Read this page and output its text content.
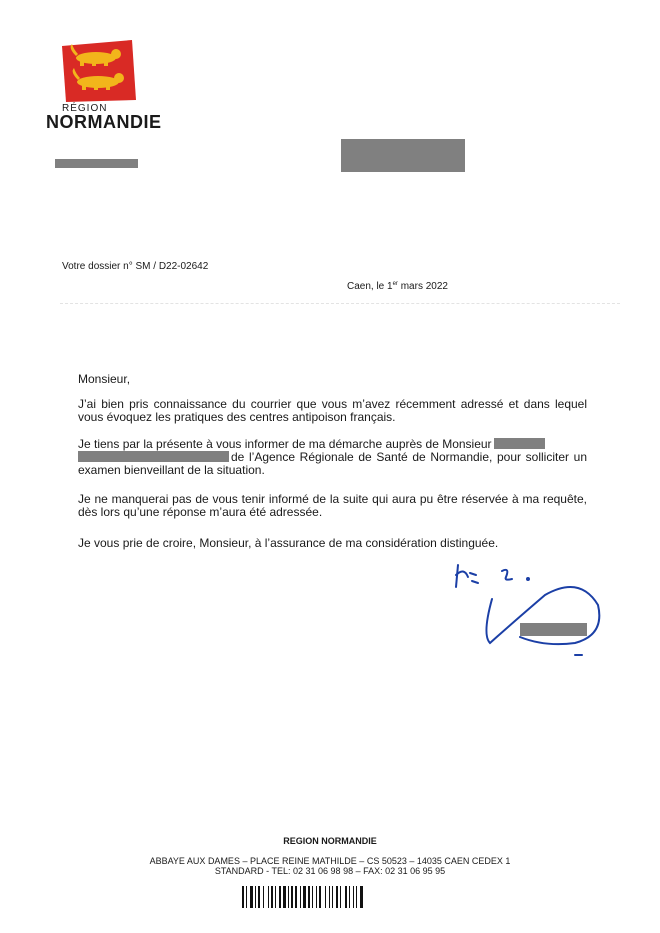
RÉGION
NORMANDIE
Votre dossier n° SM / D22-02642
Caen, le 1er mars 2022
Monsieur,
J’ai bien pris connaissance du courrier que vous m’avez récemment adressé et dans lequel vous évoquez les pratiques des centres antipoison français.
Je tiens par la présente à vous informer de ma démarche auprès de Monsieur
de l’Agence Régionale de Santé de Normandie, pour solliciter un examen bienveillant de la situation.
Je ne manquerai pas de vous tenir informé de la suite qui aura pu être réservée à ma requête, dès lors qu’une réponse m’aura été adressée.
Je vous prie de croire, Monsieur, à l’assurance de ma considération distinguée.
REGION NORMANDIE
ABBAYE AUX DAMES – PLACE REINE MATHILDE – CS 50523 – 14035 CAEN CEDEX 1
STANDARD - TEL: 02 31 06 98 98 – FAX: 02 31 06 95 95
